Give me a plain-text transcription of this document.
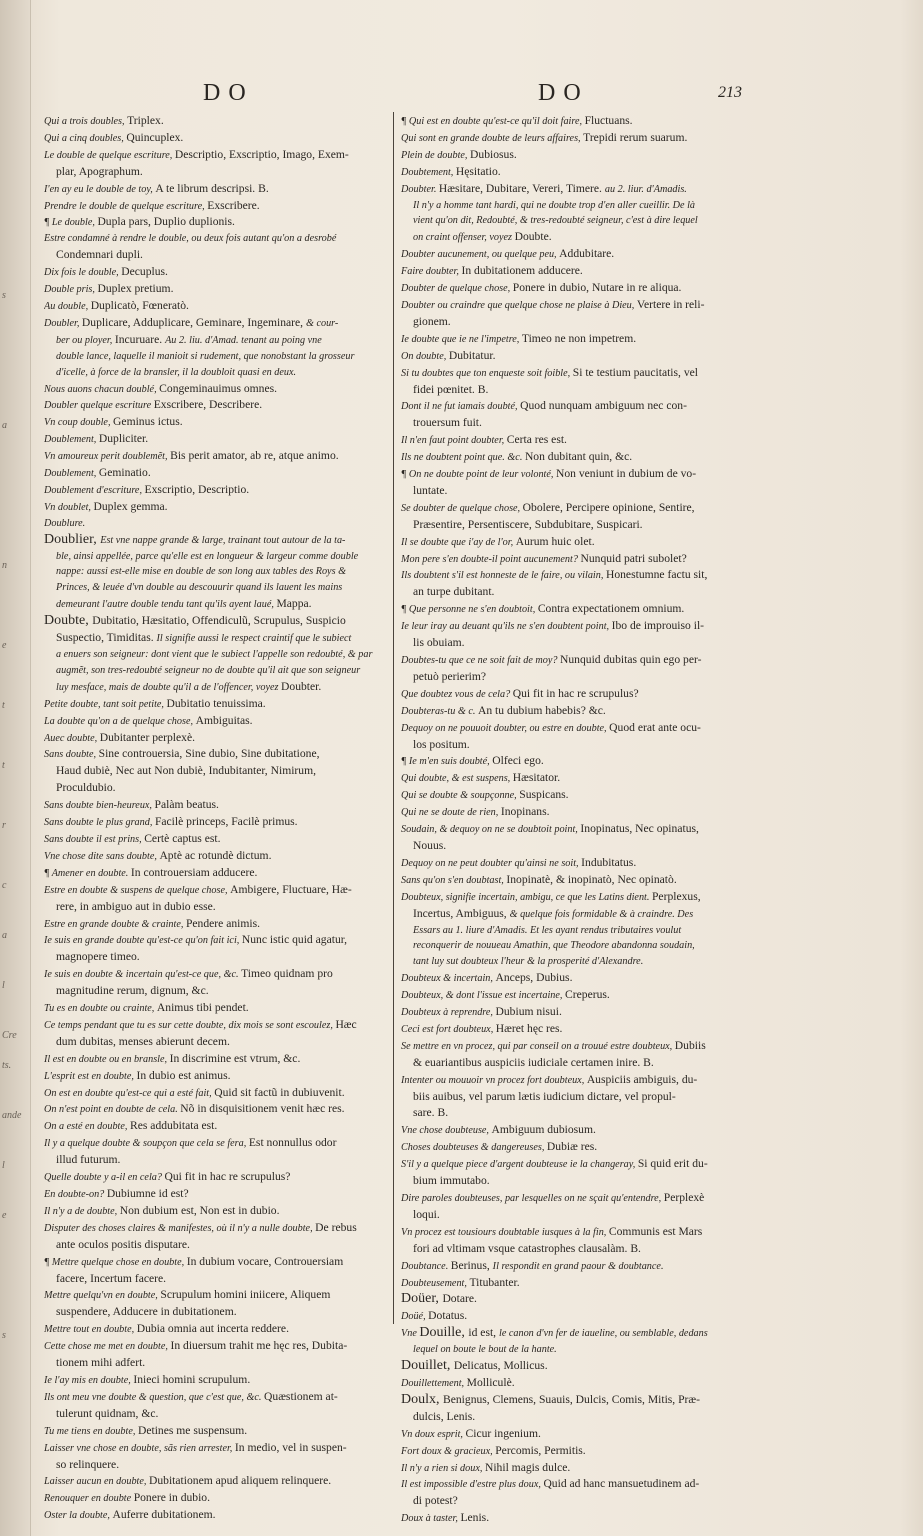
s
a
n
e
t
t
r
c
a
l
Cre
ts.
ande
l
e
s
DO	DO	213
Qui a trois doubles, Triplex.
Qui a cinq doubles, Quincuplex.
Le double de quelque escriture, Descriptio, Exscriptio, Imago, Exem-
plar, Apographum.
I'en ay eu le double de toy, A te librum descripsi. B.
Prendre le double de quelque escriture, Exscribere.
¶ Le double, Dupla pars, Duplio duplionis.
Estre condamné à rendre le double, ou deux fois autant qu'on a desrobé
Condemnari dupli.
Dix fois le double, Decuplus.
Double pris, Duplex pretium.
Au double, Duplicatò, Fœneratò.
Doubler, Duplicare, Adduplicare, Geminare, Ingeminare, & cour-
ber ou ployer, Incuruare. Au 2. liu. d'Amad. tenant au poing vne
double lance, laquelle il manioit si rudement, que nonobstant la grosseur
d'icelle, à force de la bransler, il la doubloit quasi en deux.
Nous auons chacun doublé, Congeminauimus omnes.
Doubler quelque escriture Exscribere, Describere.
Vn coup double, Geminus ictus.
Doublement, Dupliciter.
Vn amoureux perit doublemẽt, Bis perit amator, ab re, atque animo.
Doublement, Geminatio.
Doublement d'escriture, Exscriptio, Descriptio.
Vn doublet, Duplex gemma.
Doublure.
Doublier, Est vne nappe grande & large, trainant tout autour de la ta-
ble, ainsi appellée, parce qu'elle est en longueur & largeur comme double
nappe: aussi est-elle mise en double de son long aux tables des Roys &
Princes, & leuée d'vn double au descouurir quand ils lauent les mains
demeurant l'autre double tendu tant qu'ils ayent laué, Mappa.
Doubte, Dubitatio, Hæsitatio, Offendiculũ, Scrupulus, Suspicio
Suspectio, Timiditas. Il signifie aussi le respect craintif que le subiect
a enuers son seigneur: dont vient que le subiect l'appelle son redoubté, & par
augmẽt, son tres-redoubté seigneur no de doubte qu'il ait que son seigneur
luy mesface, mais de doubte qu'il a de l'offencer, voyez Doubter.
Petite doubte, tant soit petite, Dubitatio tenuissima.
La doubte qu'on a de quelque chose, Ambiguitas.
Auec doubte, Dubitanter perplexè.
Sans doubte, Sine controuersia, Sine dubio, Sine dubitatione,
Haud dubiè, Nec aut Non dubiè, Indubitanter, Nimirum,
Proculdubio.
Sans doubte bien-heureux, Palàm beatus.
Sans doubte le plus grand, Facilè princeps, Facilè primus.
Sans doubte il est prins, Certè captus est.
Vne chose dite sans doubte, Aptè ac rotundè dictum.
¶ Amener en doubte. In controuersiam adducere.
Estre en doubte & suspens de quelque chose, Ambigere, Fluctuare, Hæ-
rere, in ambiguo aut in dubio esse.
Estre en grande doubte & crainte, Pendere animis.
Ie suis en grande doubte qu'est-ce qu'on fait ici, Nunc istic quid agatur,
magnopere timeo.
Ie suis en doubte & incertain qu'est-ce que, &c. Timeo quidnam pro
magnitudine rerum, dignum, &c.
Tu es en doubte ou crainte, Animus tibi pendet.
Ce temps pendant que tu es sur cette doubte, dix mois se sont escoulez, Hæc
dum dubitas, menses abierunt decem.
Il est en doubte ou en bransle, In discrimine est vtrum, &c.
L'esprit est en doubte, In dubio est animus.
On est en doubte qu'est-ce qui a esté fait, Quid sit factũ in dubiuvenit.
On n'est point en doubte de cela. Nõ in disquisitionem venit hæc res.
On a esté en doubte, Res addubitata est.
Il y a quelque doubte & soupçon que cela se fera, Est nonnullus odor
illud futurum.
Quelle doubte y a-il en cela? Qui fit in hac re scrupulus?
En doubte-on? Dubiumne id est?
Il n'y a de doubte, Non dubium est, Non est in dubio.
Disputer des choses claires & manifestes, où il n'y a nulle doubte, De rebus
ante oculos positis disputare.
¶ Mettre quelque chose en doubte, In dubium vocare, Controuersiam
facere, Incertum facere.
Mettre quelqu'vn en doubte, Scrupulum homini iniicere, Aliquem
suspendere, Adducere in dubitationem.
Mettre tout en doubte, Dubia omnia aut incerta reddere.
Cette chose me met en doubte, In diuersum trahit me hęc res, Dubita-
tionem mihi adfert.
Ie l'ay mis en doubte, Inieci homini scrupulum.
Ils ont meu vne doubte & question, que c'est que, &c. Quæstionem at-
tulerunt quidnam, &c.
Tu me tiens en doubte, Detines me suspensum.
Laisser vne chose en doubte, sãs rien arrester, In medio, vel in suspen-
so relinquere.
Laisser aucun en doubte, Dubitationem apud aliquem relinquere.
Renouquer en doubte Ponere in dubio.
Oster la doubte, Auferre dubitationem.
¶ Qui est en doubte qu'est-ce qu'il doit faire, Fluctuans.
Qui sont en grande doubte de leurs affaires, Trepidi rerum suarum.
Plein de doubte, Dubiosus.
Doubtement, Hęsitatio.
Doubter. Hæsitare, Dubitare, Vereri, Timere. au 2. liur. d'Amadis.
Il n'y a homme tant hardi, qui ne doubte trop d'en aller cueillir. De là
vient qu'on dit, Redoubté, & tres-redoubté seigneur, c'est à dire lequel
on craint offenser, voyez Doubte.
Doubter aucunement, ou quelque peu, Addubitare.
Faire doubter, In dubitationem adducere.
Doubter de quelque chose, Ponere in dubio, Nutare in re aliqua.
Doubter ou craindre que quelque chose ne plaise à Dieu, Vertere in reli-
gionem.
Ie doubte que ie ne l'impetre, Timeo ne non impetrem.
On doubte, Dubitatur.
Si tu doubtes que ton enqueste soit foible, Si te testium paucitatis, vel
fidei pœnitet. B.
Dont il ne fut iamais doubté, Quod nunquam ambiguum nec con-
trouersum fuit.
Il n'en faut point doubter, Certa res est.
Ils ne doubtent point que. &c. Non dubitant quin, &c.
¶ On ne doubte point de leur volonté, Non veniunt in dubium de vo-
luntate.
Se doubter de quelque chose, Obolere, Percipere opinione, Sentire,
Præsentire, Persentiscere, Subdubitare, Suspicari.
Il se doubte que i'ay de l'or, Aurum huic olet.
Mon pere s'en doubte-il point aucunement? Nunquid patri subolet?
Ils doubtent s'il est honneste de le faire, ou vilain, Honestumne factu sit,
an turpe dubitant.
¶ Que personne ne s'en doubtoit, Contra expectationem omnium.
Ie leur iray au deuant qu'ils ne s'en doubtent point, Ibo de improuiso il-
lis obuiam.
Doubtes-tu que ce ne soit fait de moy? Nunquid dubitas quin ego per-
petuò perierim?
Que doubtez vous de cela? Qui fit in hac re scrupulus?
Doubteras-tu & c. An tu dubium habebis? &c.
Dequoy on ne pouuoit doubter, ou estre en doubte, Quod erat ante ocu-
los positum.
¶ Ie m'en suis doubté, Olfeci ego.
Qui doubte, & est suspens, Hæsitator.
Qui se doubte & soupçonne, Suspicans.
Qui ne se doute de rien, Inopinans.
Soudain, & dequoy on ne se doubtoit point, Inopinatus, Nec opinatus,
Nouus.
Dequoy on ne peut doubter qu'ainsi ne soit, Indubitatus.
Sans qu'on s'en doubtast, Inopinatè, & inopinatò, Nec opinatò.
Doubteux, signifie incertain, ambigu, ce que les Latins dient. Perplexus,
Incertus, Ambiguus, & quelque fois formidable & à craindre. Des
Essars au 1. liure d'Amadis. Et les ayant rendus tributaires voulut
reconquerir de nouueau Amathin, que Theodore abandonna soudain,
tant luy sut doubteux l'heur & la prosperité d'Alexandre.
Doubteux & incertain, Anceps, Dubius.
Doubteux, & dont l'issue est incertaine, Creperus.
Doubteux à reprendre, Dubium nisui.
Ceci est fort doubteux, Hæret hęc res.
Se mettre en vn procez, qui par conseil on a trouué estre doubteux, Dubiis
& euariantibus auspiciis iudiciale certamen inire. B.
Intenter ou mouuoir vn procez fort doubteux, Auspiciis ambiguis, du-
biis auibus, vel parum lætis iudicium dictare, vel propul-
sare. B.
Vne chose doubteuse, Ambiguum dubiosum.
Choses doubteuses & dangereuses, Dubiæ res.
S'il y a quelque piece d'argent doubteuse ie la changeray, Si quid erit du-
bium immutabo.
Dire paroles doubteuses, par lesquelles on ne sçait qu'entendre, Perplexè
loqui.
Vn procez est tousiours doubtable iusques à la fin, Communis est Mars
fori ad vltimam vsque catastrophes clausalàm. B.
Doubtance. Berinus, Il respondit en grand paour & doubtance.
Doubteusement, Titubanter.
Doüer, Dotare.
Doüé, Dotatus.
Vne Douille, id est, le canon d'vn fer de iaueline, ou semblable, dedans
lequel on boute le bout de la hante.
Douillet, Delicatus, Mollicus.
Douillettement, Molliculè.
Doulx, Benignus, Clemens, Suauis, Dulcis, Comis, Mitis, Præ-
dulcis, Lenis.
Vn doux esprit, Cicur ingenium.
Fort doux & gracieux, Percomis, Permitis.
Il n'y a rien si doux, Nihil magis dulce.
Il est impossible d'estre plus doux, Quid ad hanc mansuetudinem ad-
di potest?
Doux à taster, Lenis.
